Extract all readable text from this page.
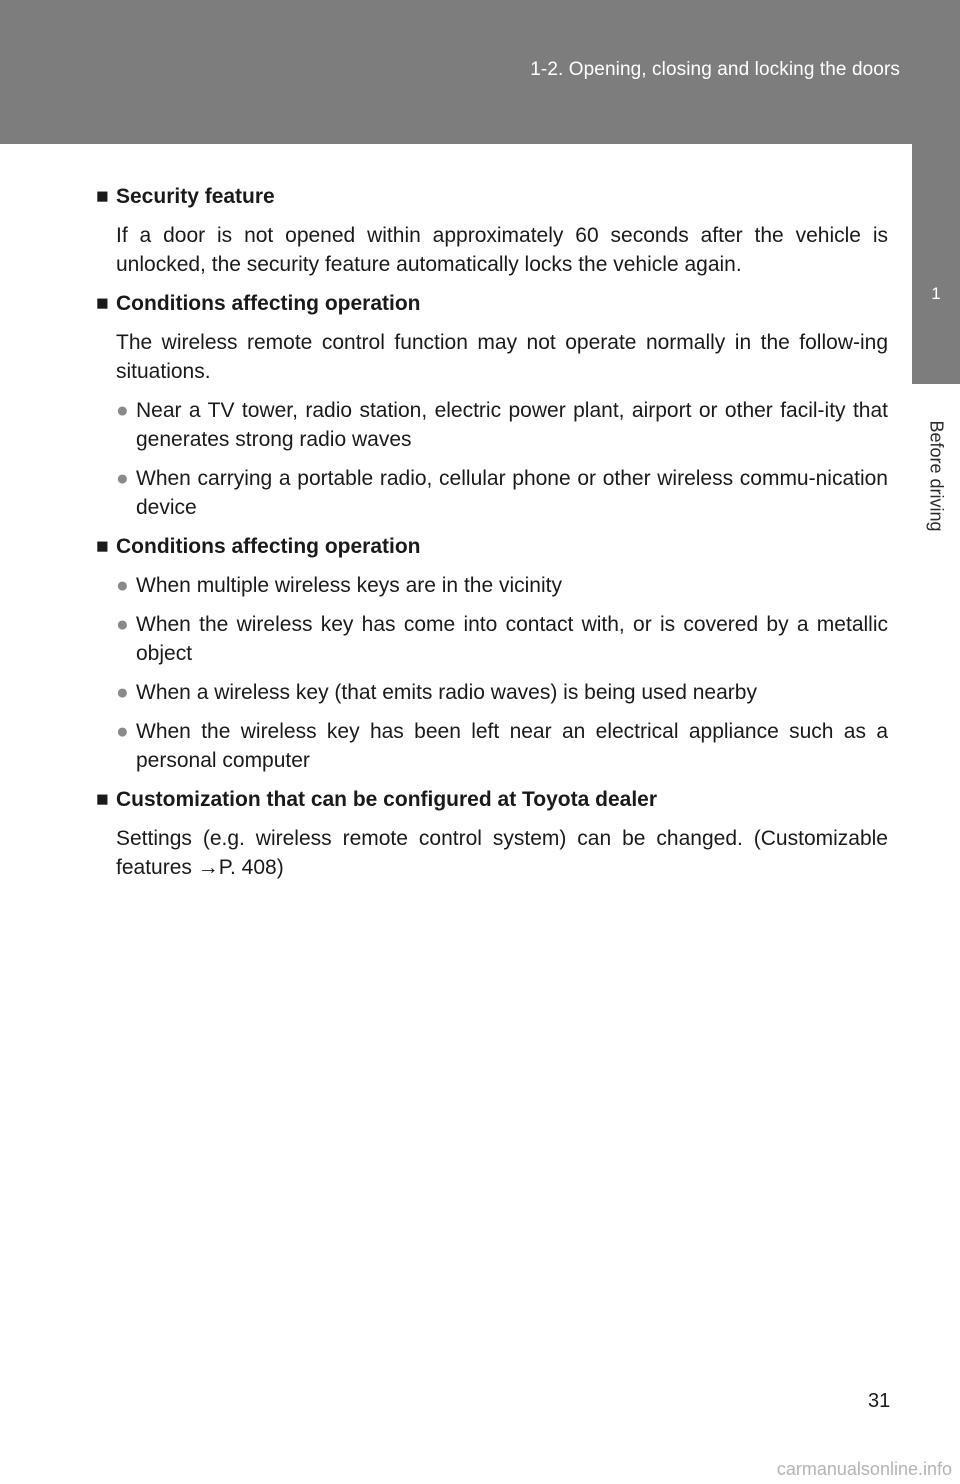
1-2. Opening, closing and locking the doors
1
Before driving
■ Security feature
If a door is not opened within approximately 60 seconds after the vehicle is unlocked, the security feature automatically locks the vehicle again.
■ Conditions affecting operation
The wireless remote control function may not operate normally in the follow-ing situations.
● Near a TV tower, radio station, electric power plant, airport or other facil-ity that generates strong radio waves
● When carrying a portable radio, cellular phone or other wireless commu-nication device
■ Conditions affecting operation
● When multiple wireless keys are in the vicinity
● When the wireless key has come into contact with, or is covered by a metallic object
● When a wireless key (that emits radio waves) is being used nearby
● When the wireless key has been left near an electrical appliance such as a personal computer
■ Customization that can be configured at Toyota dealer
Settings (e.g. wireless remote control system) can be changed. (Customizable features →P. 408)
31
carmanualsonline.info
